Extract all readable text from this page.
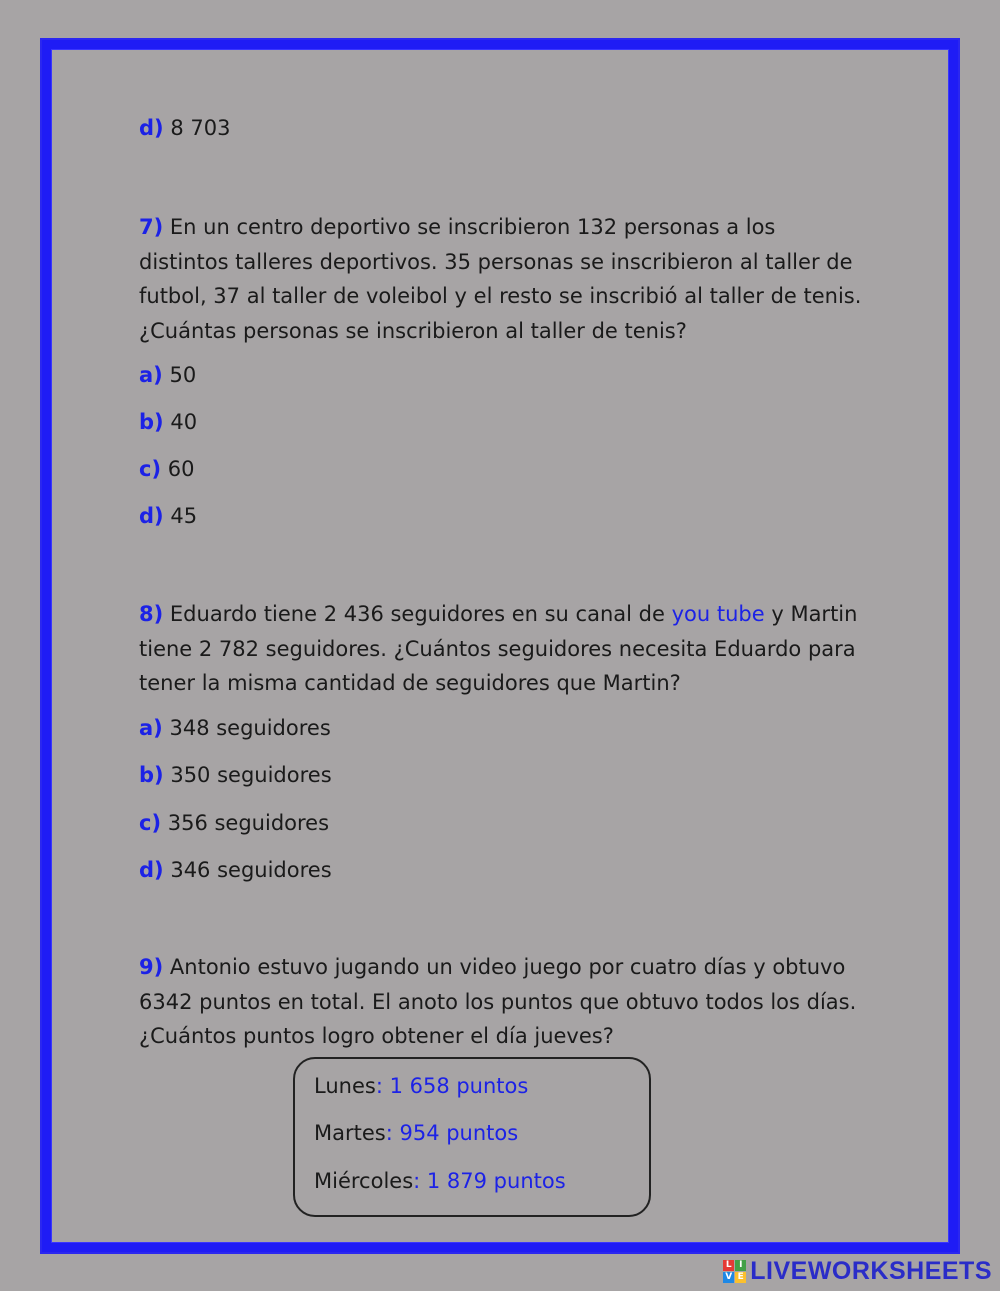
d) 8 703
7) En un centro deportivo se inscribieron 132 personas a los distintos talleres deportivos. 35 personas se inscribieron al taller de futbol, 37 al taller de voleibol y el resto se inscribió al taller de tenis. ¿Cuántas personas se inscribieron al taller de tenis?
a) 50
b) 40
c) 60
d) 45
8) Eduardo tiene 2 436 seguidores en su canal de you tube y Martin tiene 2 782 seguidores. ¿Cuántos seguidores necesita Eduardo para tener la misma cantidad de seguidores que Martin?
a) 348 seguidores
b) 350 seguidores
c) 356 seguidores
d) 346 seguidores
9) Antonio estuvo jugando un video juego por cuatro días y obtuvo 6342 puntos en total. El anoto los puntos que obtuvo todos los días. ¿Cuántos puntos logro obtener el día jueves?
Lunes: 1 658 puntos
Martes: 954 puntos
Miércoles: 1 879 puntos
L I
V E LIVEWORKSHEETS
